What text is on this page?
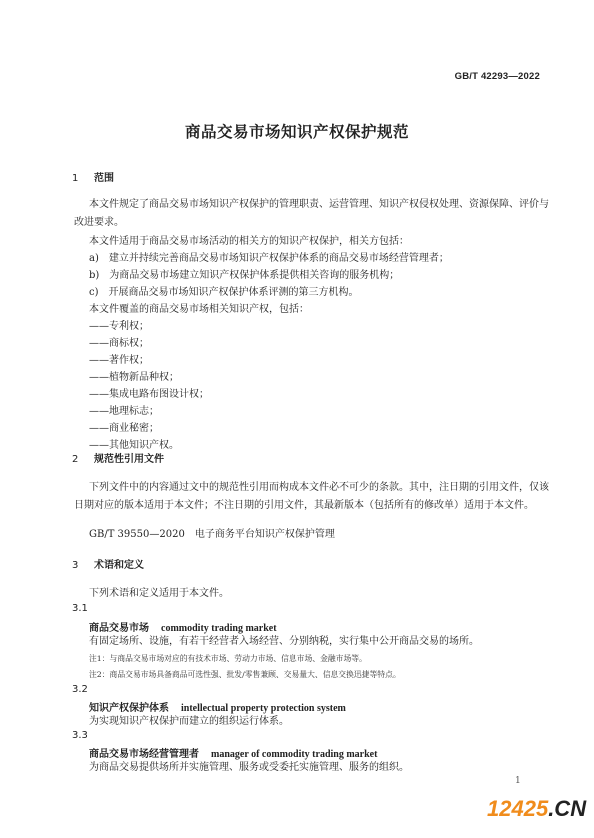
GB/T 42293—2022
商品交易市场知识产权保护规范
1 范围
本文件规定了商品交易市场知识产权保护的管理职责、运营管理、知识产权侵权处理、资源保障、评价与改进要求。
本文件适用于商品交易市场活动的相关方的知识产权保护，相关方包括：
a)　建立并持续完善商品交易市场知识产权保护体系的商品交易市场经营管理者；
b)　为商品交易市场建立知识产权保护体系提供相关咨询的服务机构；
c)　开展商品交易市场知识产权保护体系评测的第三方机构。
本文件覆盖的商品交易市场相关知识产权，包括：
——专利权；
——商标权；
——著作权；
——植物新品种权；
——集成电路布图设计权；
——地理标志；
——商业秘密；
——其他知识产权。
2 规范性引用文件
下列文件中的内容通过文中的规范性引用而构成本文件必不可少的条款。其中，注日期的引用文件，仅该日期对应的版本适用于本文件；不注日期的引用文件，其最新版本（包括所有的修改单）适用于本文件。
GB/T 39550—2020　电子商务平台知识产权保护管理
3 术语和定义
下列术语和定义适用于本文件。
3.1
商品交易市场 commodity trading market
有固定场所、设施，有若干经营者入场经营、分别纳税，实行集中公开商品交易的场所。
注1：与商品交易市场对应的有技术市场、劳动力市场、信息市场、金融市场等。
注2：商品交易市场具备商品可选性强、批发/零售兼顾、交易量大、信息交换迅捷等特点。
3.2
知识产权保护体系 intellectual property protection system
为实现知识产权保护而建立的组织运行体系。
3.3
商品交易市场经营管理者 manager of commodity trading market
为商品交易提供场所并实施管理、服务或受委托实施管理、服务的组织。
1
12425.CN
